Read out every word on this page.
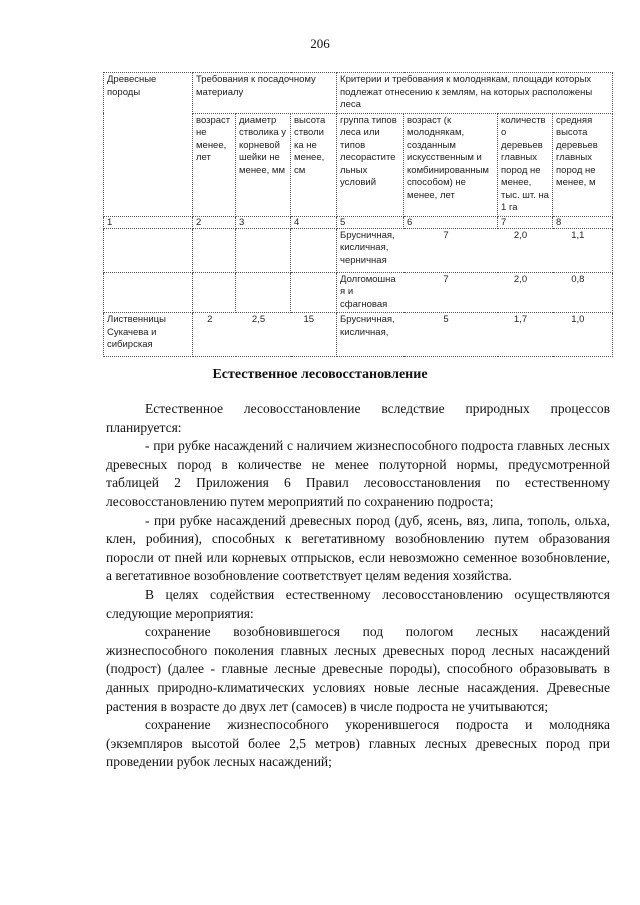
206
Древесные породы	Требования к посадочному материалу			Критерии и требования к молоднякам, площади которых подлежат отнесению к землям, на которых расположены леса			
	возраст не менее, лет	диаметр стволика у корневой шейки не менее, мм	высота стволи ка не менее, см	группа типов леса или типов лесорастительных условий	возраст (к молоднякам, созданным искусственным и комбинированным способом) не менее, лет	количество деревьев главных пород не менее, тыс. шт. на 1 га	средняя высота деревьев главных пород не менее, м
1	2	3	4	5	6	7	8
				Брусничная, кисличная, черничная	7	2,0	1,1
				Долгомошная и сфагновая	7	2,0	0,8
Лиственницы Сукачева и сибирская	2	2,5	15	Брусничная, кисличная,	5	1,7	1,0
Естественное лесовосстановление

Естественное лесовосстановление вследствие природных процессов планируется:

- при рубке насаждений с наличием жизнеспособного подроста главных лесных древесных пород в количестве не менее полуторной нормы, предусмотренной таблицей 2 Приложения 6 Правил лесовосстановления по естественному лесовосстановлению путем мероприятий по сохранению подроста;

- при рубке насаждений древесных пород (дуб, ясень, вяз, липа, тополь, ольха, клен, робиния), способных к вегетативному возобновлению путем образования поросли от пней или корневых отпрысков, если невозможно семенное возобновление, а вегетативное возобновление соответствует целям ведения хозяйства.

В целях содействия естественному лесовосстановлению осуществляются следующие мероприятия:

сохранение возобновившегося под пологом лесных насаждений жизнеспособного поколения главных лесных древесных пород лесных насаждений (подрост) (далее - главные лесные древесные породы), способного образовывать в данных природно-климатических условиях новые лесные насаждения. Древесные растения в возрасте до двух лет (самосев) в числе подроста не учитываются;

сохранение жизнеспособного укоренившегося подроста и молодняка (экземпляров высотой более 2,5 метров) главных лесных древесных пород при проведении рубок лесных насаждений;
